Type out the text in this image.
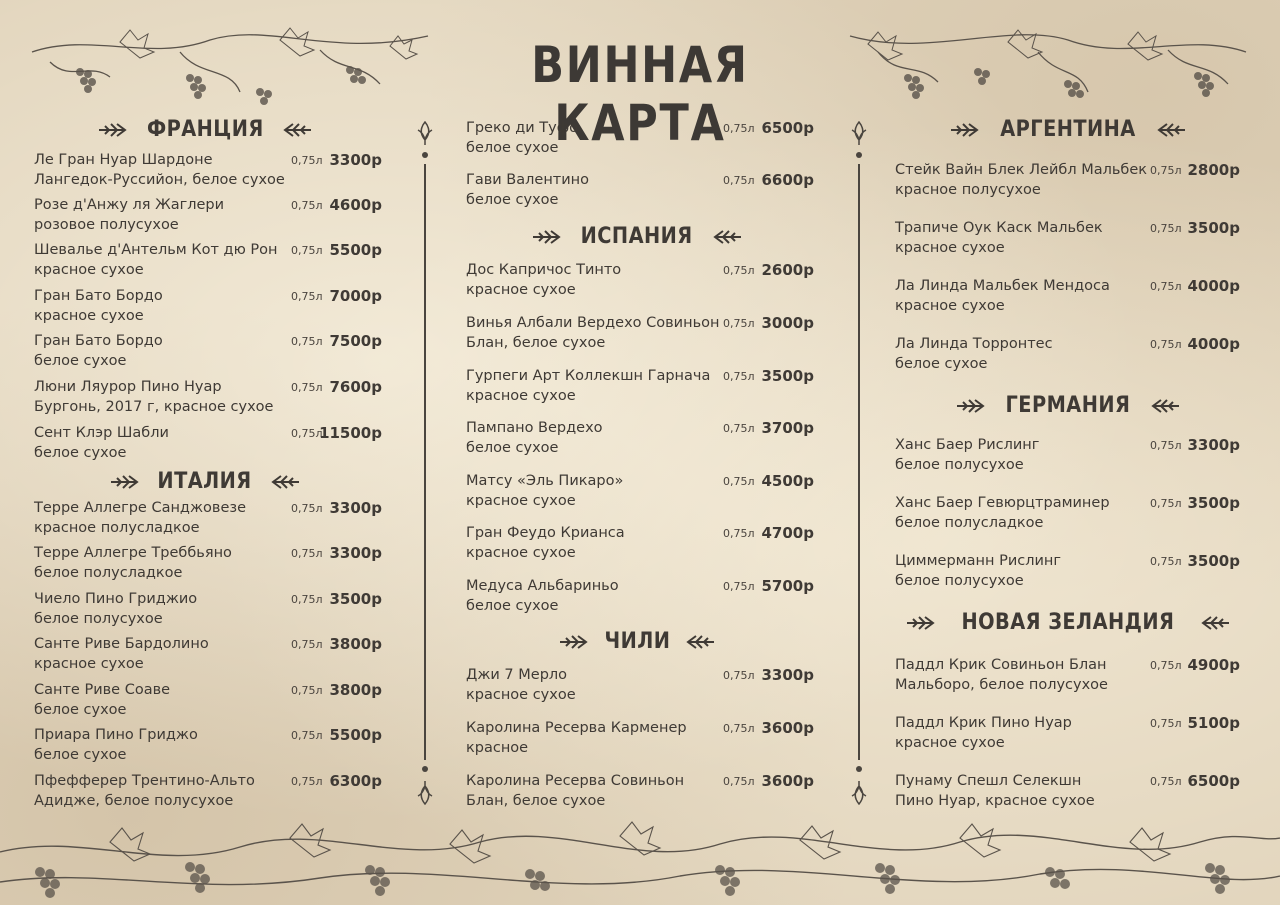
ВИННАЯ КАРТА
ФРАНЦИЯ
ИТАЛИЯ
ИСПАНИЯ
ЧИЛИ
АРГЕНТИНА
ГЕРМАНИЯ
НОВАЯ ЗЕЛАНДИЯ
Ле Гран Нуар Шардоне
Лангедок-Руссийон, белое сухое
0,75л 3300р
Розе д'Анжу ля Жаглери
розовое полусухое
0,75л 4600р
Шевалье д'Антельм Кот дю Рон
красное сухое
0,75л 5500р
Гран Бато Бордо
красное сухое
0,75л 7000р
Гран Бато Бордо
белое сухое
0,75л 7500р
Люни Ляурор Пино Нуар
Бургонь, 2017 г, красное сухое
0,75л 7600р
Сент Клэр Шабли
белое сухое
0,75л
11500р
Терре Аллегре Санджовезе
красное полусладкое
0,75л 3300р
Терре Аллегре Треббьяно
белое полусладкое
0,75л 3300р
Чиело Пино Гриджио
белое полусухое
0,75л 3500р
Санте Риве Бардолино
красное сухое
0,75л 3800р
Санте Риве Соаве
белое сухое
0,75л 3800р
Приара Пино Гриджо
белое сухое
0,75л 5500р
Пфефферер Трентино-Альто
Адидже, белое полусухое
0,75л 6300р
Греко ди Туфо
белое сухое
0,75л 6500р
Гави Валентино
белое сухое
0,75л 6600р
Дос Капричос Тинто
красное сухое
0,75л 2600р
Винья Албали Вердехо Совиньон
Блан, белое сухое
0,75л 3000р
Гурпеги Арт Коллекшн Гарнача
красное сухое
0,75л 3500р
Пампано Вердехо
белое сухое
0,75л 3700р
Матсу «Эль Пикаро»
красное сухое
0,75л 4500р
Гран Феудо Крианса
красное сухое
0,75л 4700р
Медуса Альбариньо
белое сухое
0,75л 5700р
Джи 7 Мерло
красное сухое
0,75л 3300р
Каролина Ресерва Карменер
красное
0,75л 3600р
Каролина Ресерва Совиньон
Блан, белое сухое
0,75л 3600р
Стейк Вайн Блек Лейбл Мальбек
красное полусухое
0,75л 2800р
Трапиче Оук Каск Мальбек
красное сухое
0,75л 3500р
Ла Линда Мальбек Мендоса
красное сухое
0,75л 4000р
Ла Линда Торронтес
белое сухое
0,75л 4000р
Ханс Баер Рислинг
белое полусухое
0,75л 3300р
Ханс Баер Гевюрцтраминер
белое полусладкое
0,75л 3500р
Циммерманн Рислинг
белое полусухое
0,75л 3500р
Паддл Крик Совиньон Блан
Мальборо, белое полусухое
0,75л 4900р
Паддл Крик Пино Нуар
красное сухое
0,75л 5100р
Пунаму Спешл Селекшн
Пино Нуар, красное сухое
0,75л 6500р
